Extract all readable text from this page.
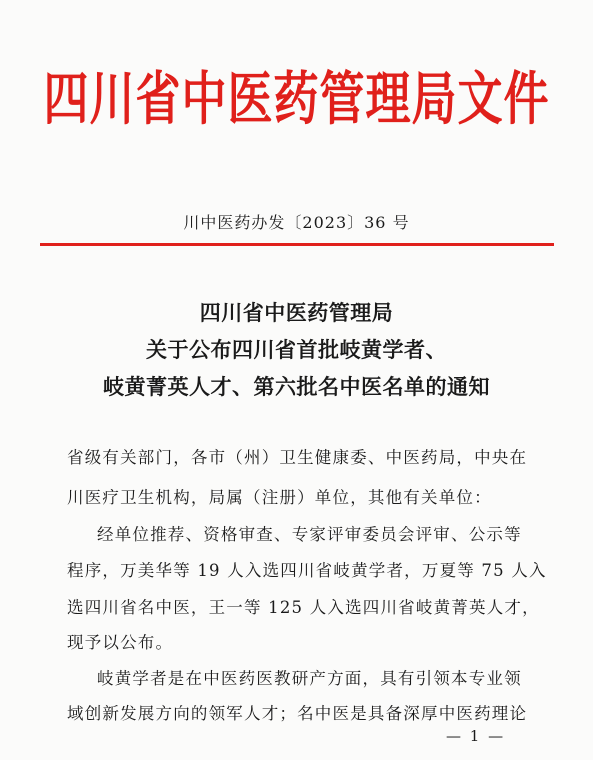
四川省中医药管理局文件
川中医药办发〔2023〕36 号
四川省中医药管理局
关于公布四川省首批岐黄学者、
岐黄菁英人才、第六批名中医名单的通知
省级有关部门，各市（州）卫生健康委、中医药局，中央在
川医疗卫生机构，局属（注册）单位，其他有关单位：
经单位推荐、资格审查、专家评审委员会评审、公示等
程序，万美华等 19 人入选四川省岐黄学者，万夏等 75 人入
选四川省名中医，王一等 125 人入选四川省岐黄菁英人才，
现予以公布。
岐黄学者是在中医药医教研产方面，具有引领本专业领
域创新发展方向的领军人才；名中医是具备深厚中医药理论
— 1 —
